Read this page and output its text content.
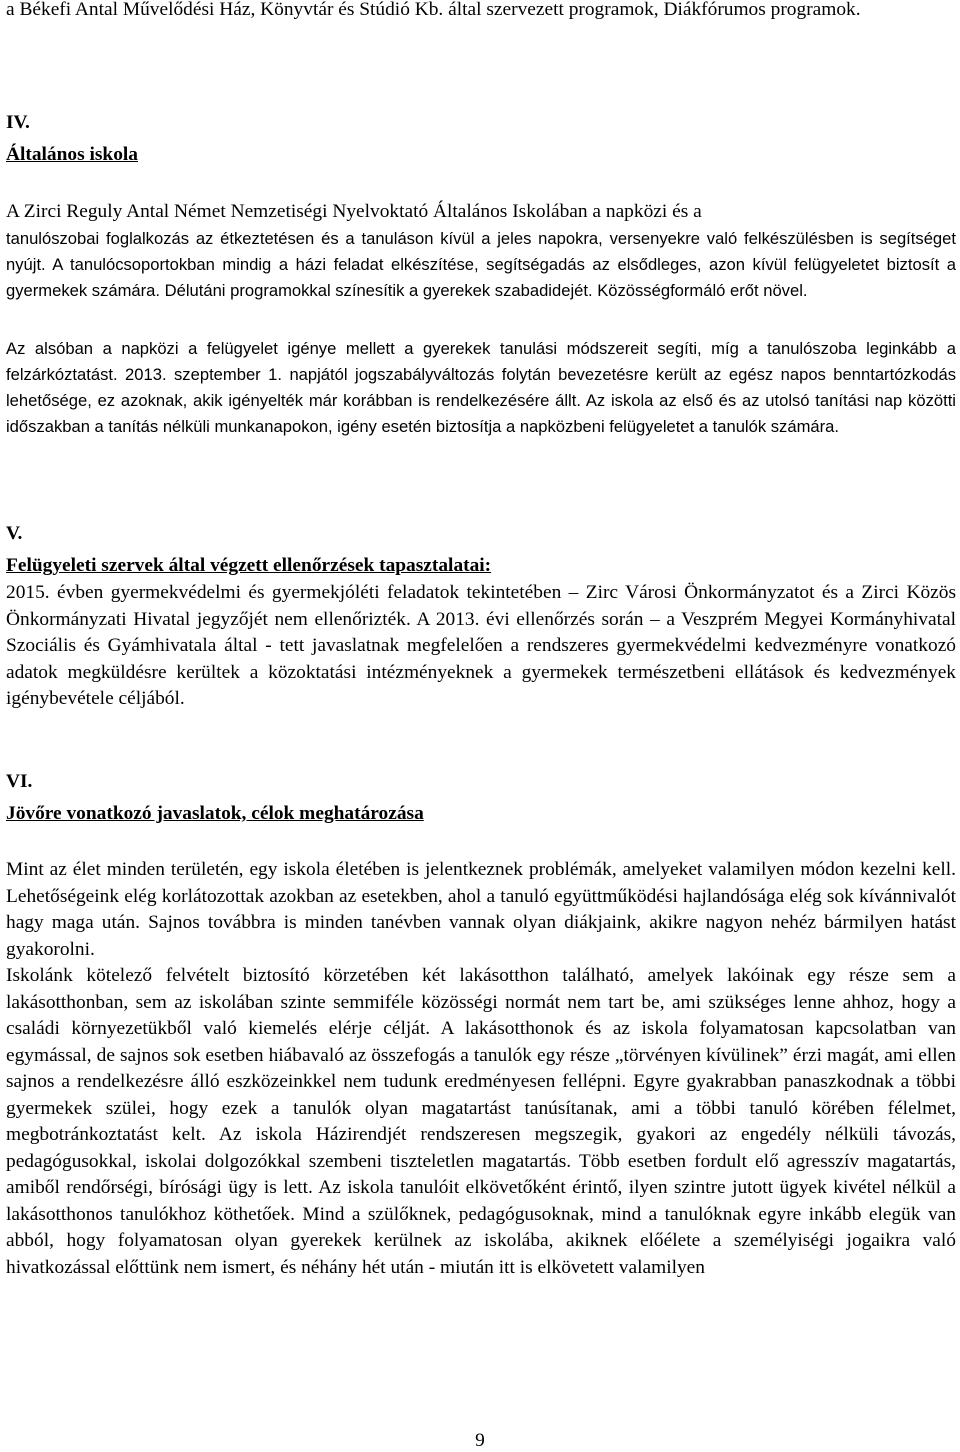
a Békefi Antal Művelődési Ház, Könyvtár és Stúdió Kb. által szervezett programok, Diákfórumos programok.

IV.
Általános iskola

A Zirci Reguly Antal Német Nemzetiségi Nyelvoktató Általános Iskolában a napközi és a

tanulószobai foglalkozás az étkeztetésen és a tanuláson kívül a jeles napokra, versenyekre való felkészülésben is segítséget nyújt. A tanulócsoportokban mindig a házi feladat elkészítése, segítségadás az elsődleges, azon kívül felügyeletet biztosít a gyermekek számára. Délutáni programokkal színesítik a gyerekek szabadidejét. Közösségformáló erőt növel.

Az alsóban a napközi a felügyelet igénye mellett a gyerekek tanulási módszereit segíti, míg a tanulószoba leginkább a felzárkóztatást. 2013. szeptember 1. napjától jogszabályváltozás folytán bevezetésre került az egész napos benntartózkodás lehetősége, ez azoknak, akik igényelték már korábban is rendelkezésére állt. Az iskola az első és az utolsó tanítási nap közötti időszakban a tanítás nélküli munkanapokon, igény esetén biztosítja a napközbeni felügyeletet a tanulók számára.

V.
Felügyeleti szervek által végzett ellenőrzések tapasztalatai:

2015. évben gyermekvédelmi és gyermekjóléti feladatok tekintetében – Zirc Városi Önkormányzatot és a Zirci Közös Önkormányzati Hivatal jegyzőjét nem ellenőrizték. A 2013. évi ellenőrzés során – a Veszprém Megyei Kormányhivatal Szociális és Gyámhivatala által - tett javaslatnak megfelelően a rendszeres gyermekvédelmi kedvezményre vonatkozó adatok megküldésre kerültek a közoktatási intézményeknek a gyermekek természetbeni ellátások és kedvezmények igénybevétele céljából.

VI.
Jövőre vonatkozó javaslatok, célok meghatározása

Mint az élet minden területén, egy iskola életében is jelentkeznek problémák, amelyeket valamilyen módon kezelni kell. Lehetőségeink elég korlátozottak azokban az esetekben, ahol a tanuló együttműködési hajlandósága elég sok kívánnivalót hagy maga után. Sajnos továbbra is minden tanévben vannak olyan diákjaink, akikre nagyon nehéz bármilyen hatást gyakorolni.

Iskolánk kötelező felvételt biztosító körzetében két lakásotthon található, amelyek lakóinak egy része sem a lakásotthonban, sem az iskolában szinte semmiféle közösségi normát nem tart be, ami szükséges lenne ahhoz, hogy a családi környezetükből való kiemelés elérje célját. A lakásotthonok és az iskola folyamatosan kapcsolatban van egymással, de sajnos sok esetben hiábavaló az összefogás a tanulók egy része „törvényen kívülinek” érzi magát, ami ellen sajnos a rendelkezésre álló eszközeinkkel nem tudunk eredményesen fellépni. Egyre gyakrabban panaszkodnak a többi gyermekek szülei, hogy ezek a tanulók olyan magatartást tanúsítanak, ami a többi tanuló körében félelmet, megbotránkoztatást kelt. Az iskola Házirendjét rendszeresen megszegik, gyakori az engedély nélküli távozás, pedagógusokkal, iskolai dolgozókkal szembeni tiszteletlen magatartás. Több esetben fordult elő agresszív magatartás, amiből rendőrségi, bírósági ügy is lett. Az iskola tanulóit elkövetőként érintő, ilyen szintre jutott ügyek kivétel nélkül a lakásotthonos tanulókhoz köthetőek. Mind a szülőknek, pedagógusoknak, mind a tanulóknak egyre inkább elegük van abból, hogy folyamatosan olyan gyerekek kerülnek az iskolába, akiknek előélete a személyiségi jogaikra való hivatkozással előttünk nem ismert, és néhány hét után - miután itt is elkövetett valamilyen

9
